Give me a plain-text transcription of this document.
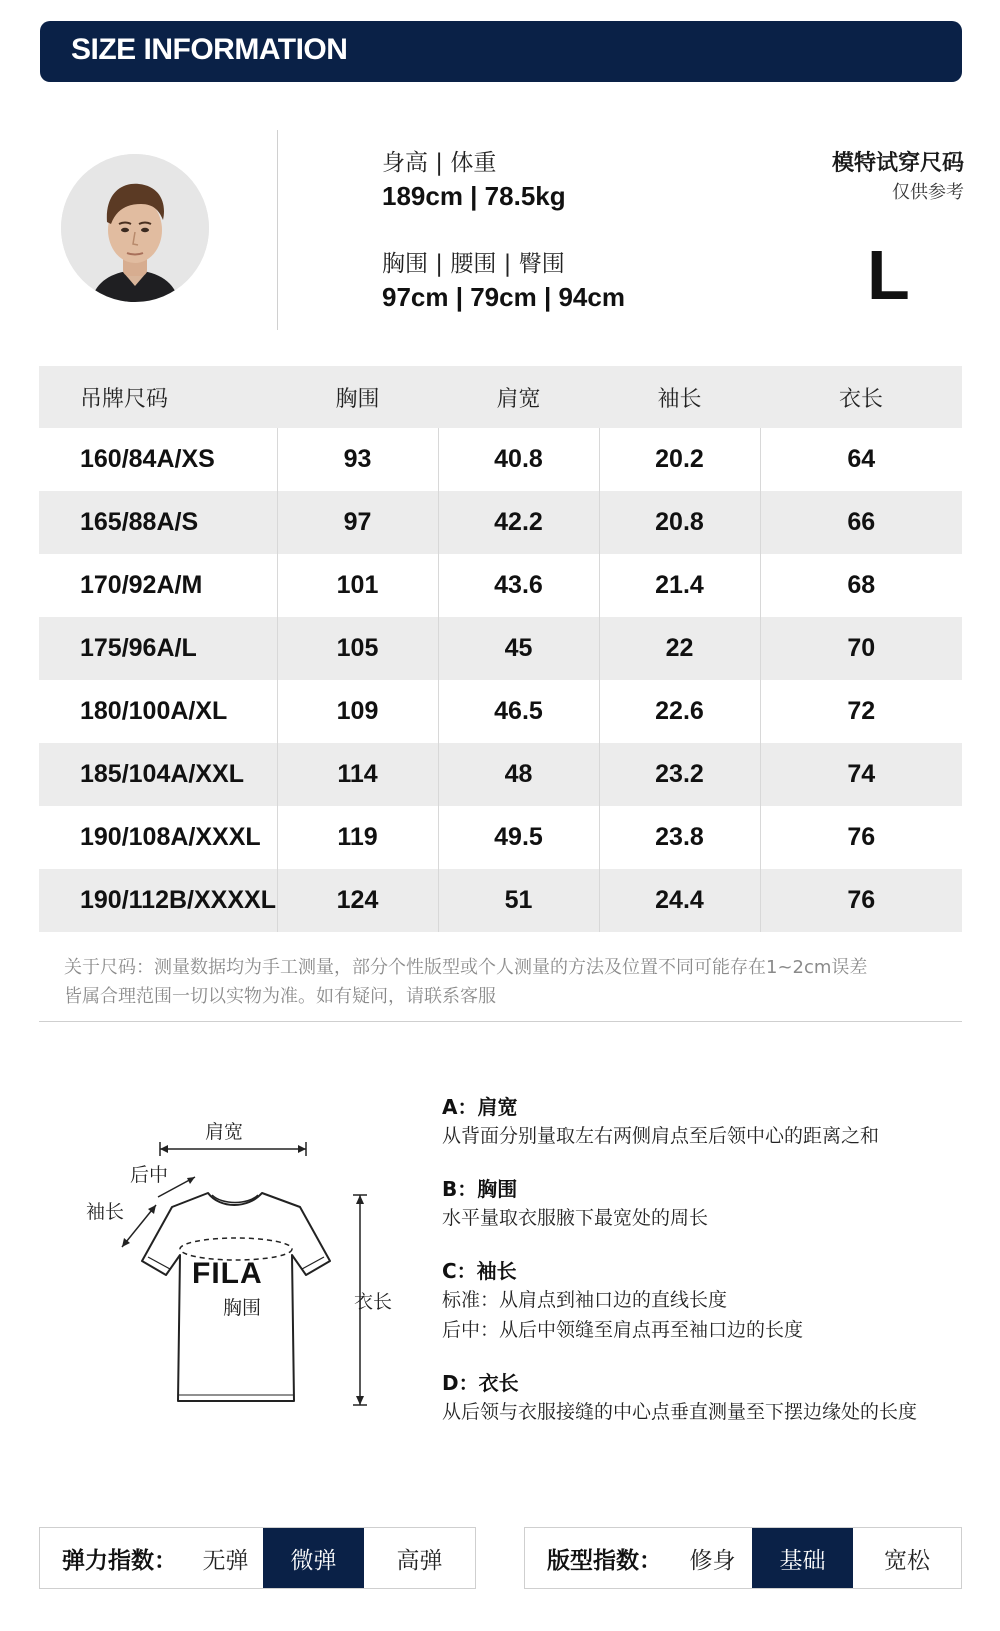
SIZE INFORMATION
身高 | 体重
189cm | 78.5kg
胸围 | 腰围 | 臀围
97cm | 79cm | 94cm
模特试穿尺码
仅供参考
L
吊牌尺码	胸围	肩宽	袖长	衣长
160/84A/XS	93	40.8	20.2	64
165/88A/S	97	42.2	20.8	66
170/92A/M	101	43.6	21.4	68
175/96A/L	105	45	22	70
180/100A/XL	109	46.5	22.6	72
185/104A/XXL	114	48	23.2	74
190/108A/XXXL	119	49.5	23.8	76
190/112B/XXXXL	124	51	24.4	76
关于尺码：测量数据均为手工测量，部分个性版型或个人测量的方法及位置不同可能存在1~2cm误差
皆属合理范围一切以实物为准。如有疑问，请联系客服
肩宽
后中
袖长
FILA
胸围	衣长
A：肩宽
从背面分别量取左右两侧肩点至后领中心的距离之和
B：胸围
水平量取衣服腋下最宽处的周长
C：袖长
标准：从肩点到袖口边的直线长度
后中：从后中领缝至肩点再至袖口边的长度
D：衣长
从后领与衣服接缝的中心点垂直测量至下摆边缘处的长度
弹力指数：	无弹	微弹	高弹	版型指数：	修身	基础	宽松
